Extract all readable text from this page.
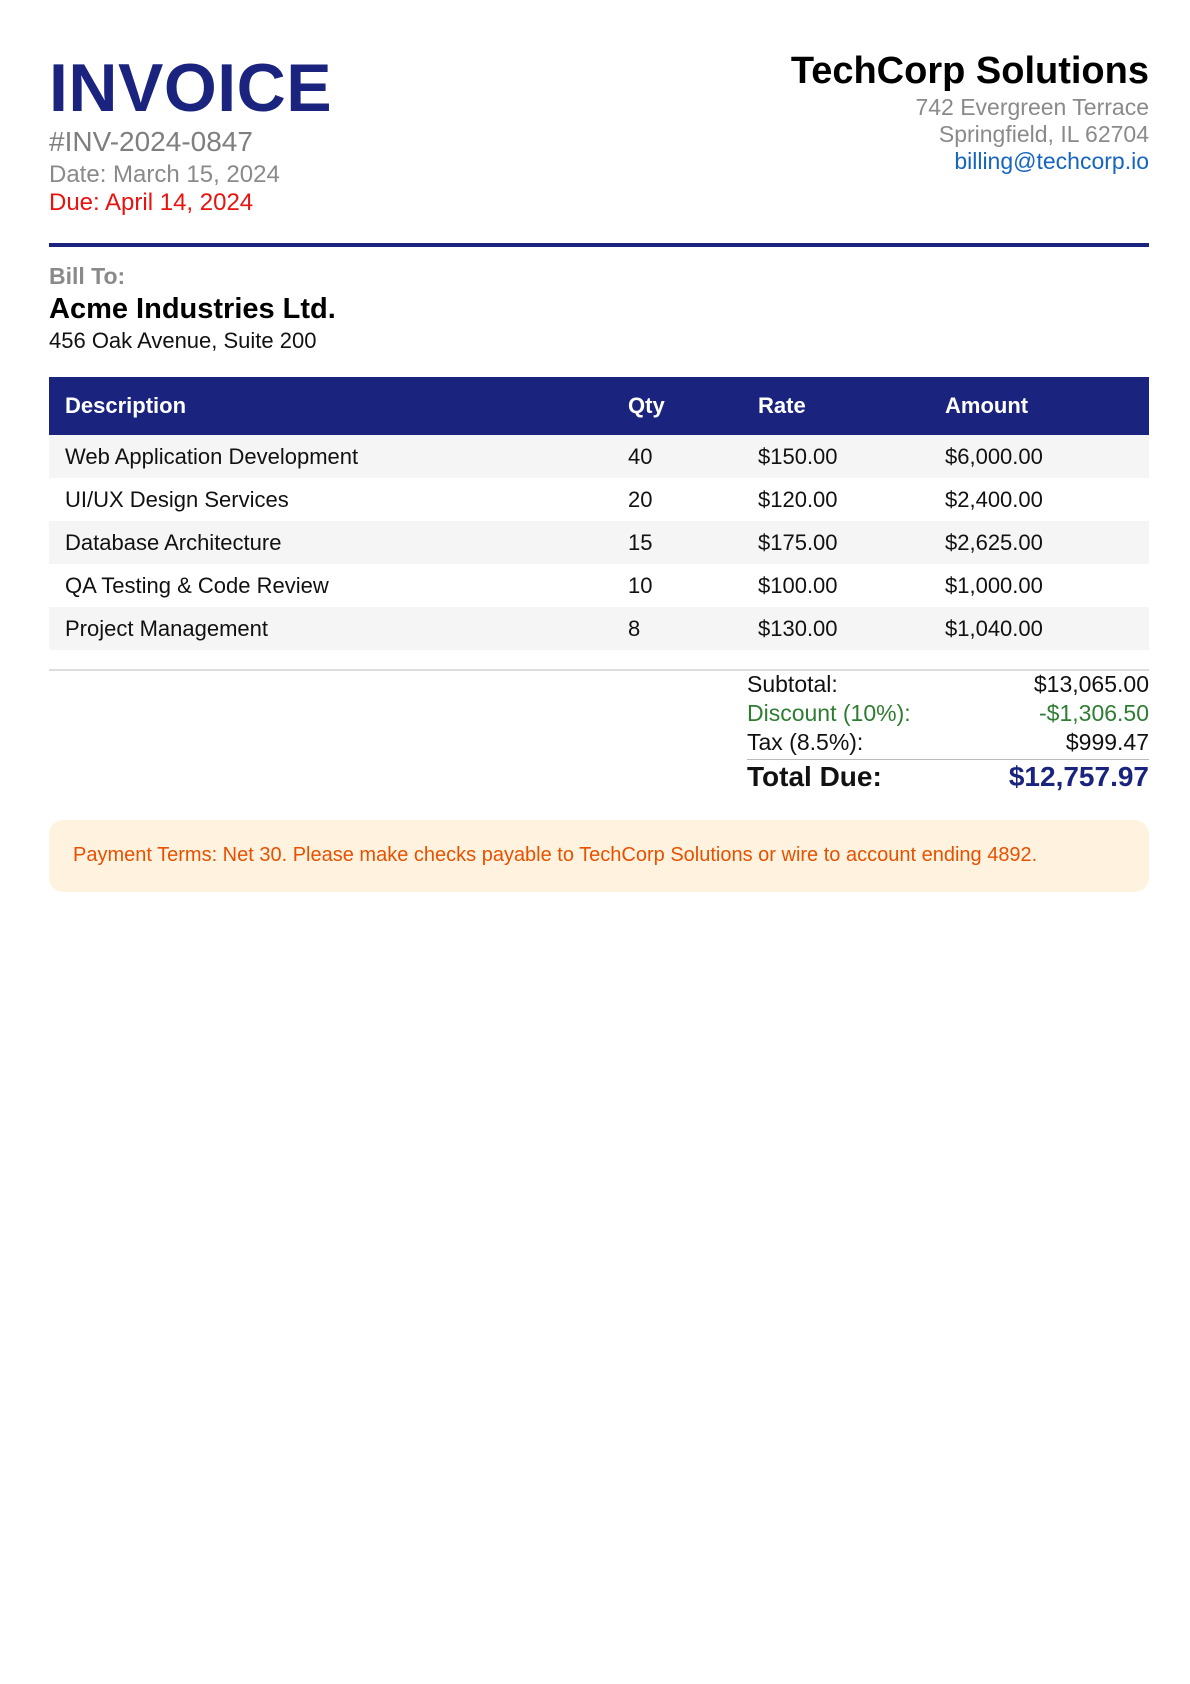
INVOICE
#INV-2024-0847
Date: March 15, 2024
Due: April 14, 2024
TechCorp Solutions
742 Evergreen Terrace
Springfield, IL 62704
billing@techcorp.io
Bill To:
Acme Industries Ltd.
456 Oak Avenue, Suite 200
Description	Qty	Rate	Amount
Web Application Development	40	$150.00	$6,000.00
UI/UX Design Services	20	$120.00	$2,400.00
Database Architecture	15	$175.00	$2,625.00
QA Testing & Code Review	10	$100.00	$1,000.00
Project Management	8	$130.00	$1,040.00
Subtotal:	$13,065.00
Discount (10%):	-$1,306.50
Tax (8.5%):	$999.47
Total Due:	$12,757.97
Payment Terms: Net 30. Please make checks payable to TechCorp Solutions or wire to account ending 4892.
